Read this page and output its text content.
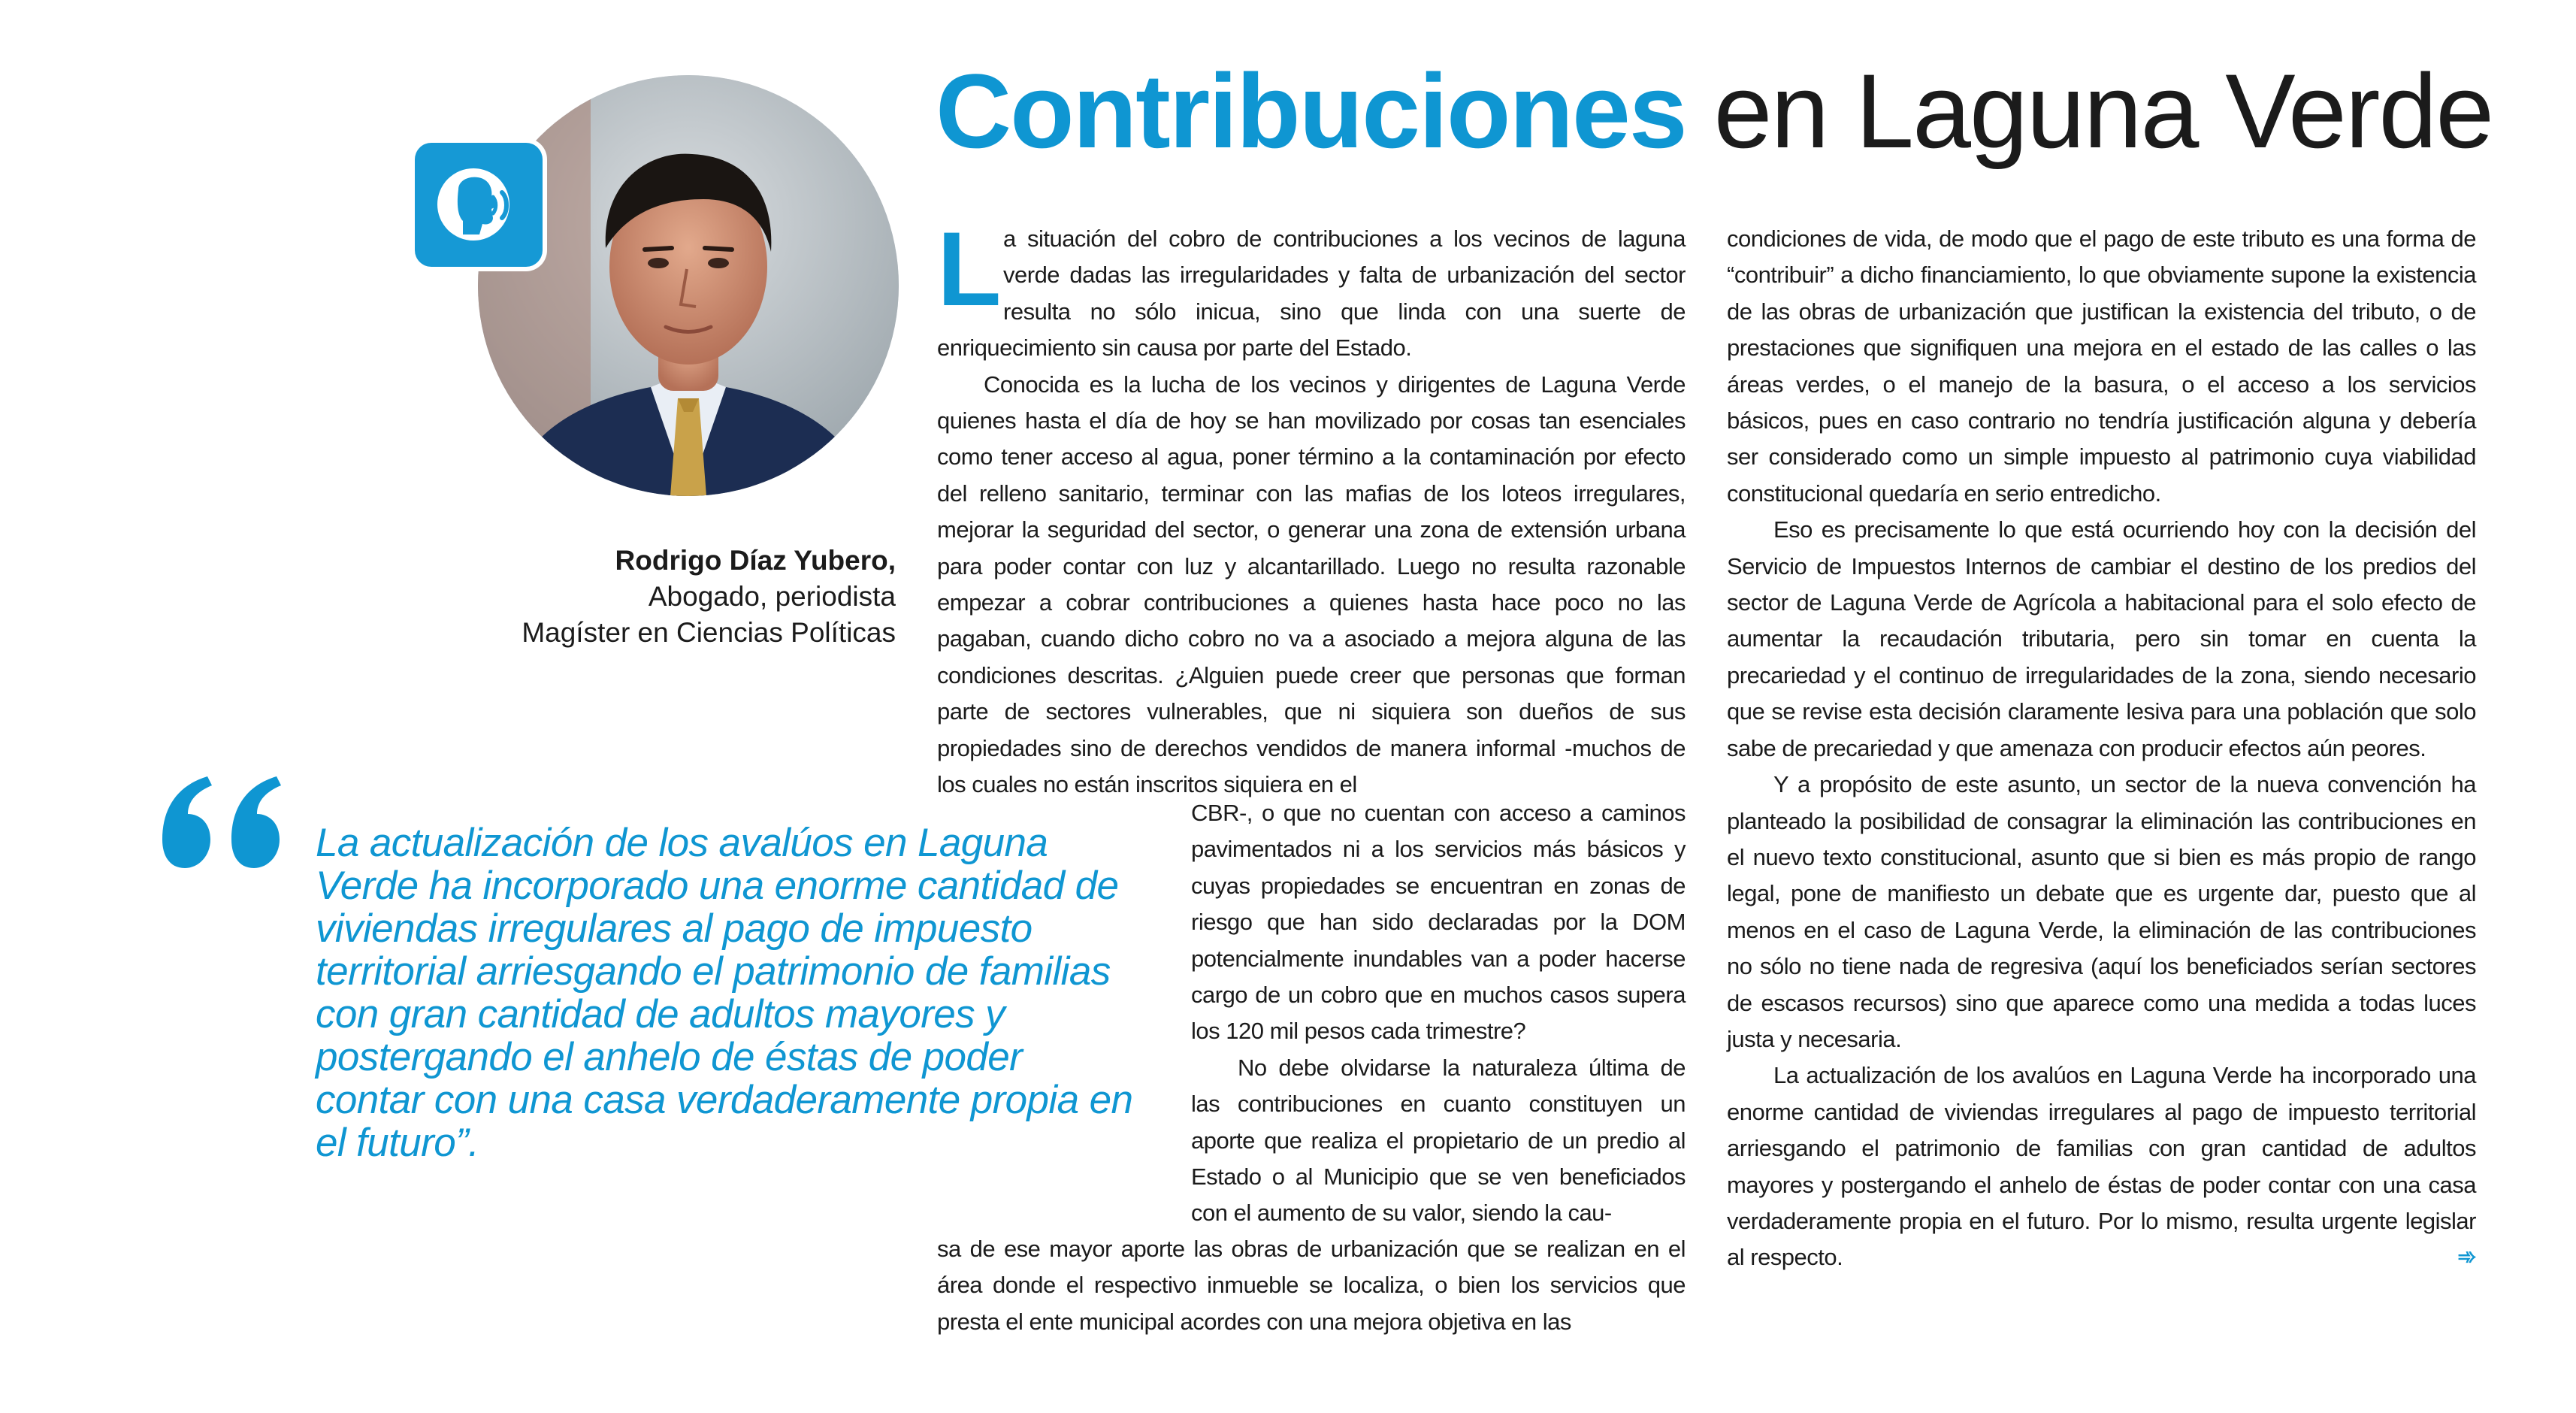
Contribuciones en Laguna Verde
Rodrigo Díaz Yubero,
Abogado, periodista
Magíster en Ciencias Políticas

La actualización de los avalúos en Laguna Verde ha incorporado una enorme cantidad de viviendas irregulares al pago de impuesto territorial arriesgando el patrimonio de familias con gran cantidad de adultos mayores y postergando el anhelo de éstas de poder contar con una casa verdaderamente propia en el futuro”.

L a situación del cobro de contribuciones a los vecinos de laguna verde dadas las irregularidades y falta de urbanización del sector resulta no sólo inicua, sino que linda con una suerte de enriquecimiento sin causa por parte del Estado.

Conocida es la lucha de los vecinos y dirigentes de Laguna Verde quienes hasta el día de hoy se han movilizado por cosas tan esenciales como tener acceso al agua, poner término a la contaminación por efecto del relleno sanitario, terminar con las mafias de los loteos irregulares, mejorar la seguridad del sector, o generar una zona de extensión urbana para poder contar con luz y alcantarillado. Luego no resulta razonable empezar a cobrar contribuciones a quienes hasta hace poco no las pagaban, cuando dicho cobro no va a asociado a mejora alguna de las condiciones descritas. ¿Alguien puede creer que personas que forman parte de sectores vulnerables, que ni siquiera son dueños de sus propiedades sino de derechos vendidos de manera informal -muchos de los cuales no están inscritos siquiera en el

CBR-, o que no cuentan con acceso a caminos pavimentados ni a los servicios más básicos y cuyas propiedades se encuentran en zonas de riesgo que han sido declaradas por la DOM potencialmente inundables van a poder hacerse cargo de un cobro que en muchos casos supera los 120 mil pesos cada trimestre?

No debe olvidarse la naturaleza última de las contribuciones en cuanto constituyen un aporte que realiza el propietario de un predio al Estado o al Municipio que se ven beneficiados con el aumento de su valor, siendo la cau-

sa de ese mayor aporte las obras de urbanización que se realizan en el área donde el respectivo inmueble se localiza, o bien los servicios que presta el ente municipal acordes con una mejora objetiva en las

condiciones de vida, de modo que el pago de este tributo es una forma de “contribuir” a dicho financiamiento, lo que obviamente supone la existencia de las obras de urbanización que justifican la existencia del tributo, o de prestaciones que signifiquen una mejora en el estado de las calles o las áreas verdes, o el manejo de la basura, o el acceso a los servicios básicos, pues en caso contrario no tendría justificación alguna y debería ser considerado como un simple impuesto al patrimonio cuya viabilidad constitucional quedaría en serio entredicho.

Eso es precisamente lo que está ocurriendo hoy con la decisión del Servicio de Impuestos Internos de cambiar el destino de los predios del sector de Laguna Verde de Agrícola a habitacional para el solo efecto de aumentar la recaudación tributaria, pero sin tomar en cuenta la precariedad y el continuo de irregularidades de la zona, siendo necesario que se revise esta decisión claramente lesiva para una población que solo sabe de precariedad y que amenaza con producir efectos aún peores.

Y a propósito de este asunto, un sector de la nueva convención ha planteado la posibilidad de consagrar la eliminación las contribuciones en el nuevo texto constitucional, asunto que si bien es más propio de rango legal, pone de manifiesto un debate que es urgente dar, puesto que al menos en el caso de Laguna Verde, la eliminación de las contribuciones no sólo no tiene nada de regresiva (aquí los beneficiados serían sectores de escasos recursos) sino que aparece como una medida a todas luces justa y necesaria.

La actualización de los avalúos en Laguna Verde ha incorporado una enorme cantidad de viviendas irregulares al pago de impuesto territorial arriesgando el patrimonio de familias con gran cantidad de adultos mayores y postergando el anhelo de éstas de poder contar con una casa verdaderamente propia en el futuro. Por lo mismo, resulta urgente legislar al respecto.	➾
